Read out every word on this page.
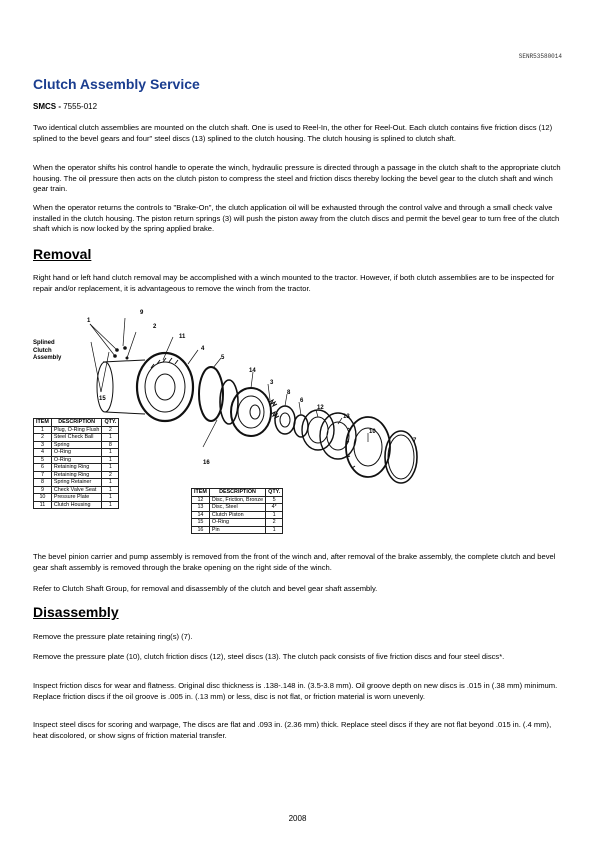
SENR53580014
Clutch Assembly Service
SMCS - 7555-012
Two identical clutch assemblies are mounted on the clutch shaft. One is used to Reel-In, the other for Reel-Out. Each clutch contains five friction discs (12) splined to the bevel gears and four" steel discs (13) splined to the clutch housing. The clutch housing is splined to clutch shaft.
When the operator shifts his control handle to operate the winch, hydraulic pressure is directed through a passage in the clutch shaft to the appropriate clutch housing. The oil pressure then acts on the clutch piston to compress the steel and friction discs thereby locking the bevel gear to the clutch shaft and winch gear train.
When the operator returns the controls to "Brake-On", the clutch application oil will be exhausted through the control valve and through a small check valve installed in the clutch housing. The piston return springs (3) will push the piston away from the clutch discs and permit the bevel gear to turn free of the clutch shaft which is now locked by the spring applied brake.
Removal
Right hand or left hand clutch removal may be accomplished with a winch mounted to the tractor. However, if both clutch assemblies are to be inspected for repair and/or replacement, it is advantageous to remove the winch from the tractor.
Splined
Clutch
Assembly
1
9
2
11
4
5
14
3
8
6
12
13
10
7
15
16
ITEM	DESCRIPTION	QTY.
1	Plug, O-Ring Flush	2
2	Steel Check Ball	1
3	Spring	8
4	O-Ring	1
5	O-Ring	1
6	Retaining Ring	1
7	Retaining Ring	2
8	Spring Retainer	1
9	Check Valve Seat	1
10	Pressure Plate	1
11	Clutch Housing	1
ITEM	DESCRIPTION	QTY.
12	Disc, Friction, Bronze	5
13	Disc, Steel	4*
14	Clutch Piston	1
15	O-Ring	2
16	Pin	1
The bevel pinion carrier and pump assembly is removed from the front of the winch and, after removal of the brake assembly, the complete clutch and bevel gear shaft assembly is removed through the brake opening on the right side of the winch.
Refer to Clutch Shaft Group, for removal and disassembly of the clutch and bevel gear shaft assembly.
Disassembly
Remove the pressure plate retaining ring(s) (7).
Remove the pressure plate (10), clutch friction discs (12), steel discs (13). The clutch pack consists of five friction discs and four steel discs*.
Inspect friction discs for wear and flatness. Original disc thickness is .138-.148 in. (3.5-3.8 mm). Oil groove depth on new discs is .015 in (.38 mm) minimum. Replace friction discs if the oil groove is .005 in. (.13 mm) or less, disc is not flat, or friction material is worn unevenly.
Inspect steel discs for scoring and warpage, The discs are flat and .093 in. (2.36 mm) thick. Replace steel discs if they are not flat beyond .015 in. (.4 mm), heat discolored, or show signs of friction material transfer.
2008
